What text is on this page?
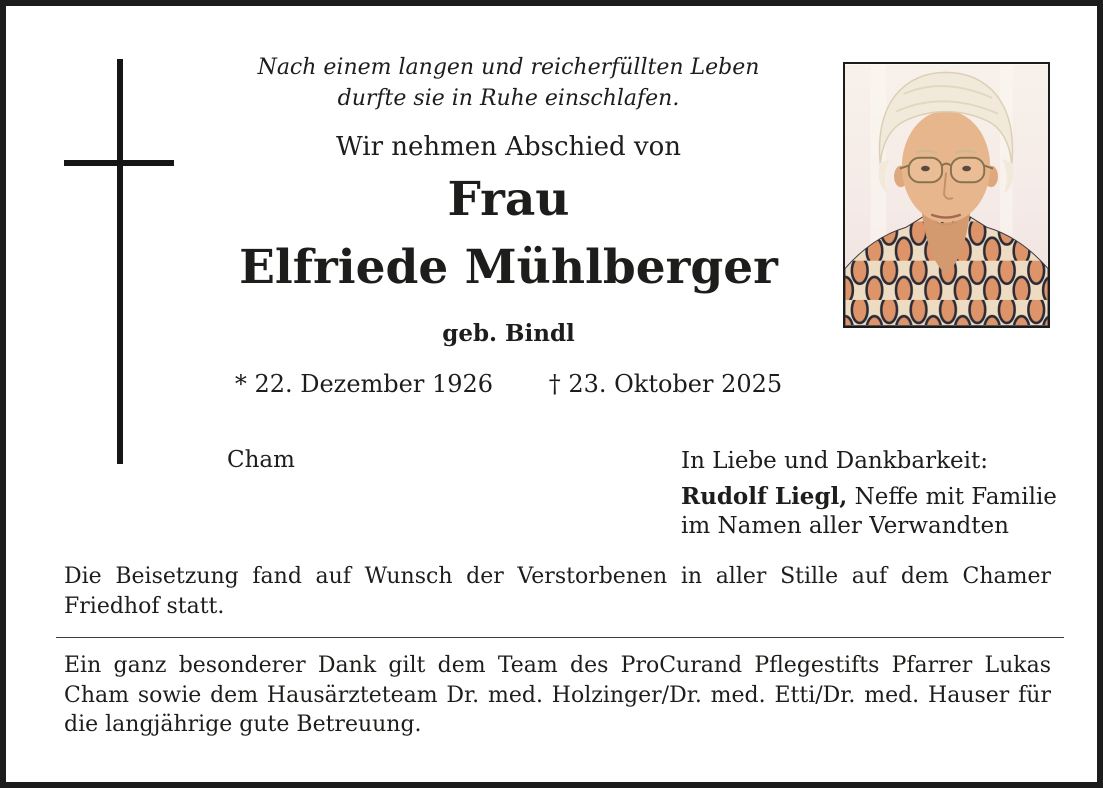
Nach einem langen und reicherfüllten Leben
durfte sie in Ruhe einschlafen.
Wir nehmen Abschied von
Frau
Elfriede Mühlberger
geb. Bindl
* 22. Dezember 1926 † 23. Oktober 2025
Cham	In Liebe und Dankbarkeit:
Rudolf Liegl, Neffe mit Familie
im Namen aller Verwandten
Die Beisetzung fand auf Wunsch der Verstorbenen in aller Stille auf dem Chamer Friedhof statt.
Ein ganz besonderer Dank gilt dem Team des ProCurand Pflegestifts Pfarrer Lukas Cham sowie dem Hausärzteteam Dr. med. Holzinger/Dr. med. Etti/Dr. med. Hauser für die langjährige gute Betreuung.
